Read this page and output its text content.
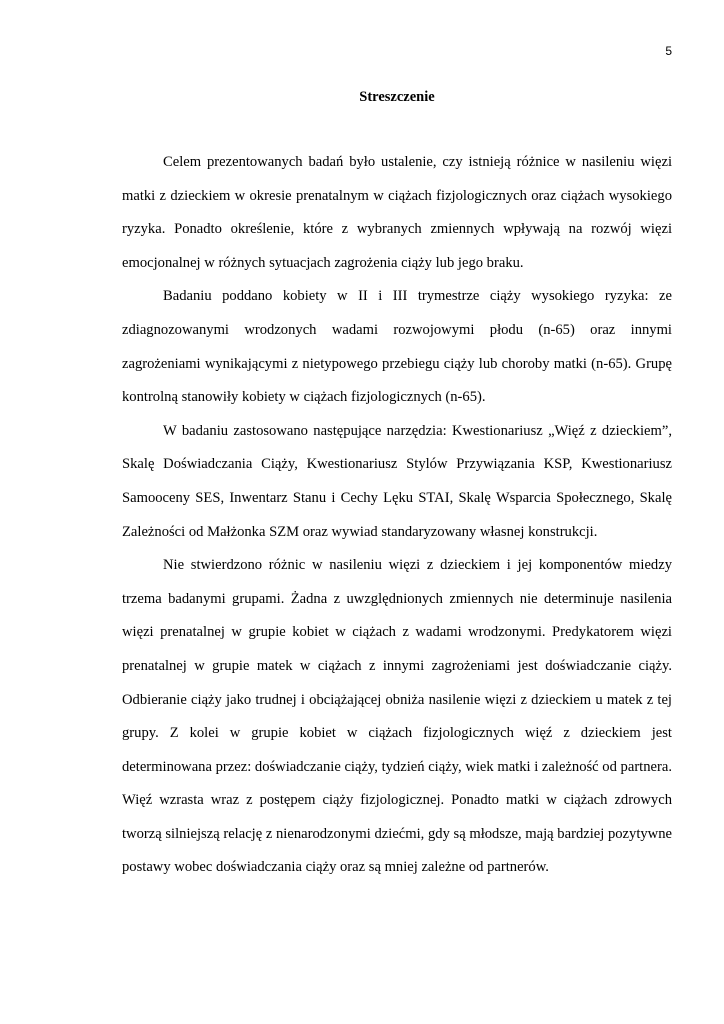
5
Streszczenie

Celem prezentowanych badań było ustalenie, czy istnieją różnice w nasileniu więzi matki z dzieckiem w okresie prenatalnym w ciążach fizjologicznych oraz ciążach wysokiego ryzyka. Ponadto określenie, które z wybranych zmiennych wpływają na rozwój więzi emocjonalnej w różnych sytuacjach zagrożenia ciąży lub jego braku.

Badaniu poddano kobiety w II i III trymestrze ciąży wysokiego ryzyka: ze zdiagnozowanymi wrodzonych wadami rozwojowymi płodu (n-65) oraz innymi zagrożeniami wynikającymi z nietypowego przebiegu ciąży lub choroby matki (n-65). Grupę kontrolną stanowiły kobiety w ciążach fizjologicznych (n-65).

W badaniu zastosowano następujące narzędzia: Kwestionariusz „Więź z dzieckiem”, Skalę Doświadczania Ciąży, Kwestionariusz Stylów Przywiązania KSP, Kwestionariusz Samooceny SES, Inwentarz Stanu i Cechy Lęku STAI, Skalę Wsparcia Społecznego, Skalę Zależności od Małżonka SZM oraz wywiad standaryzowany własnej konstrukcji.

Nie stwierdzono różnic w nasileniu więzi z dzieckiem i jej komponentów miedzy trzema badanymi grupami. Żadna z uwzględnionych zmiennych nie determinuje nasilenia więzi prenatalnej w grupie kobiet w ciążach z wadami wrodzonymi. Predykatorem więzi prenatalnej w grupie matek w ciążach z innymi zagrożeniami jest doświadczanie ciąży. Odbieranie ciąży jako trudnej i obciążającej obniża nasilenie więzi z dzieckiem u matek z tej grupy. Z kolei w grupie kobiet w ciążach fizjologicznych więź z dzieckiem jest determinowana przez: doświadczanie ciąży, tydzień ciąży, wiek matki i zależność od partnera. Więź wzrasta wraz z postępem ciąży fizjologicznej. Ponadto matki w ciążach zdrowych tworzą silniejszą relację z nienarodzonymi dziećmi, gdy są młodsze, mają bardziej pozytywne postawy wobec doświadczania ciąży oraz są mniej zależne od partnerów.
